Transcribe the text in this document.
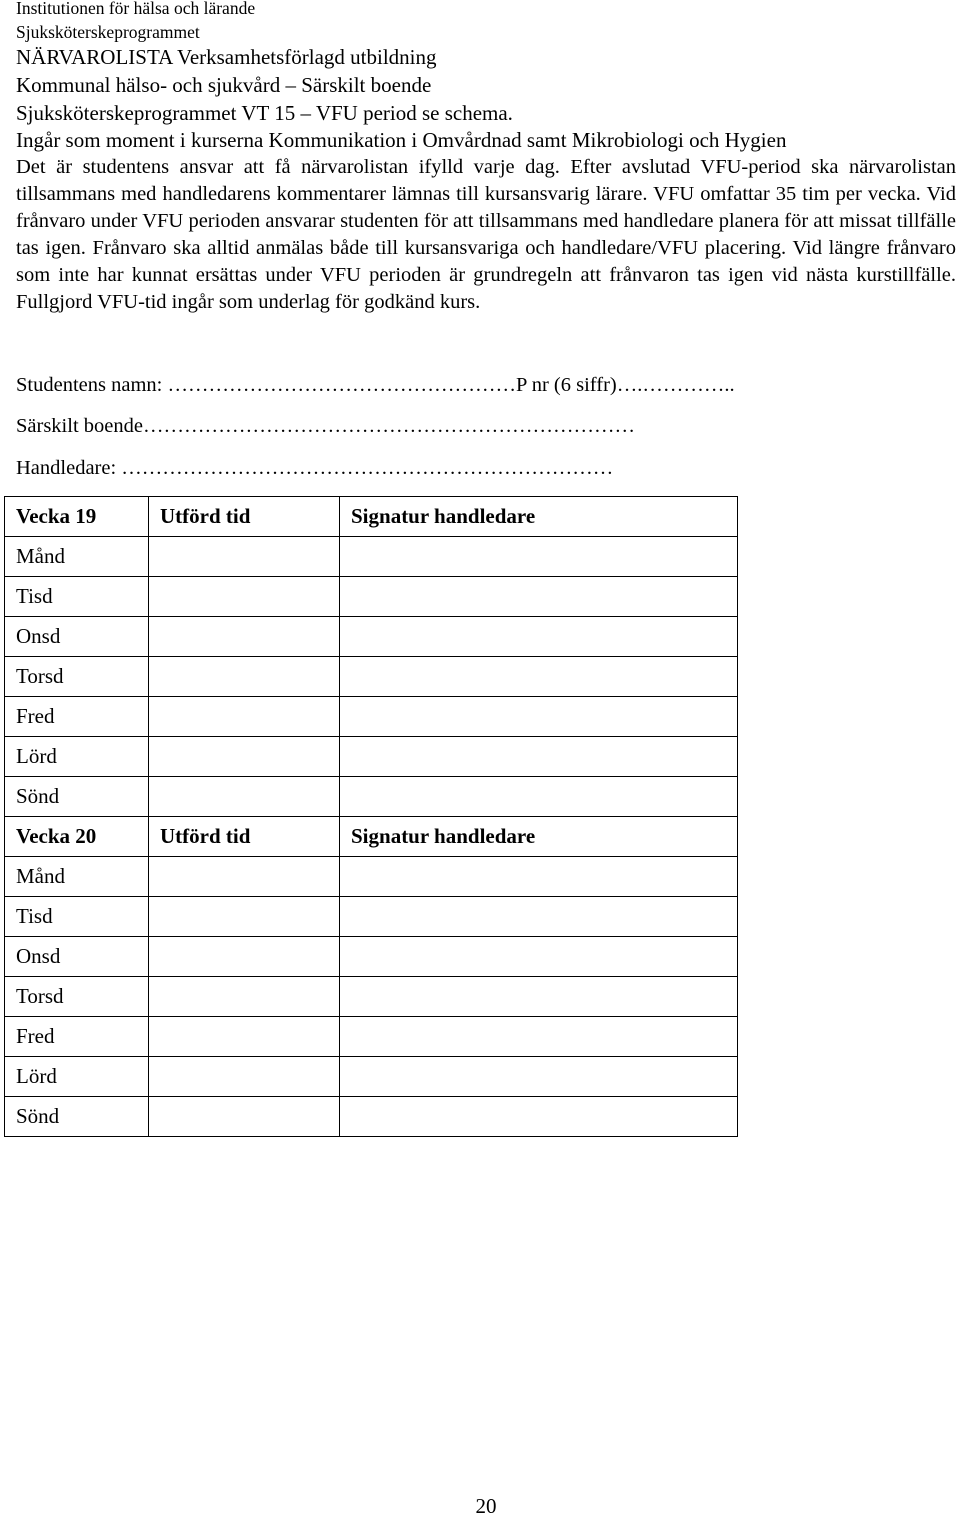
Institutionen för hälsa och lärande
Sjuksköterskeprogrammet
NÄRVAROLISTA Verksamhetsförlagd utbildning
Kommunal hälso- och sjukvård – Särskilt boende
Sjuksköterskeprogrammet VT 15 – VFU period se schema.
Ingår som moment i kurserna Kommunikation i Omvårdnad samt Mikrobiologi och Hygien

Det är studentens ansvar att få närvarolistan ifylld varje dag. Efter avslutad VFU-period ska närvarolistan tillsammans med handledarens kommentarer lämnas till kursansvarig lärare. VFU omfattar 35 tim per vecka. Vid frånvaro under VFU perioden ansvarar studenten för att tillsammans med handledare planera för att missat tillfälle tas igen. Frånvaro ska alltid anmälas både till kursansvariga och handledare/VFU placering. Vid längre frånvaro som inte har kunnat ersättas under VFU perioden är grundregeln att frånvaron tas igen vid nästa kurstillfälle. Fullgjord VFU-tid ingår som underlag för godkänd kurs.

Studentens namn: ……………………………………………P nr (6 siffr)….…………..
Särskilt boende………………………………………………………………
Handledare: ………………………………………………………………
Vecka 19	Utförd tid	Signatur handledare
Månd		
Tisd		
Onsd		
Torsd		
Fred		
Lörd		
Sönd		
Vecka 20	Utförd tid	Signatur handledare
Månd		
Tisd		
Onsd		
Torsd		
Fred		
Lörd		
Sönd		
20
